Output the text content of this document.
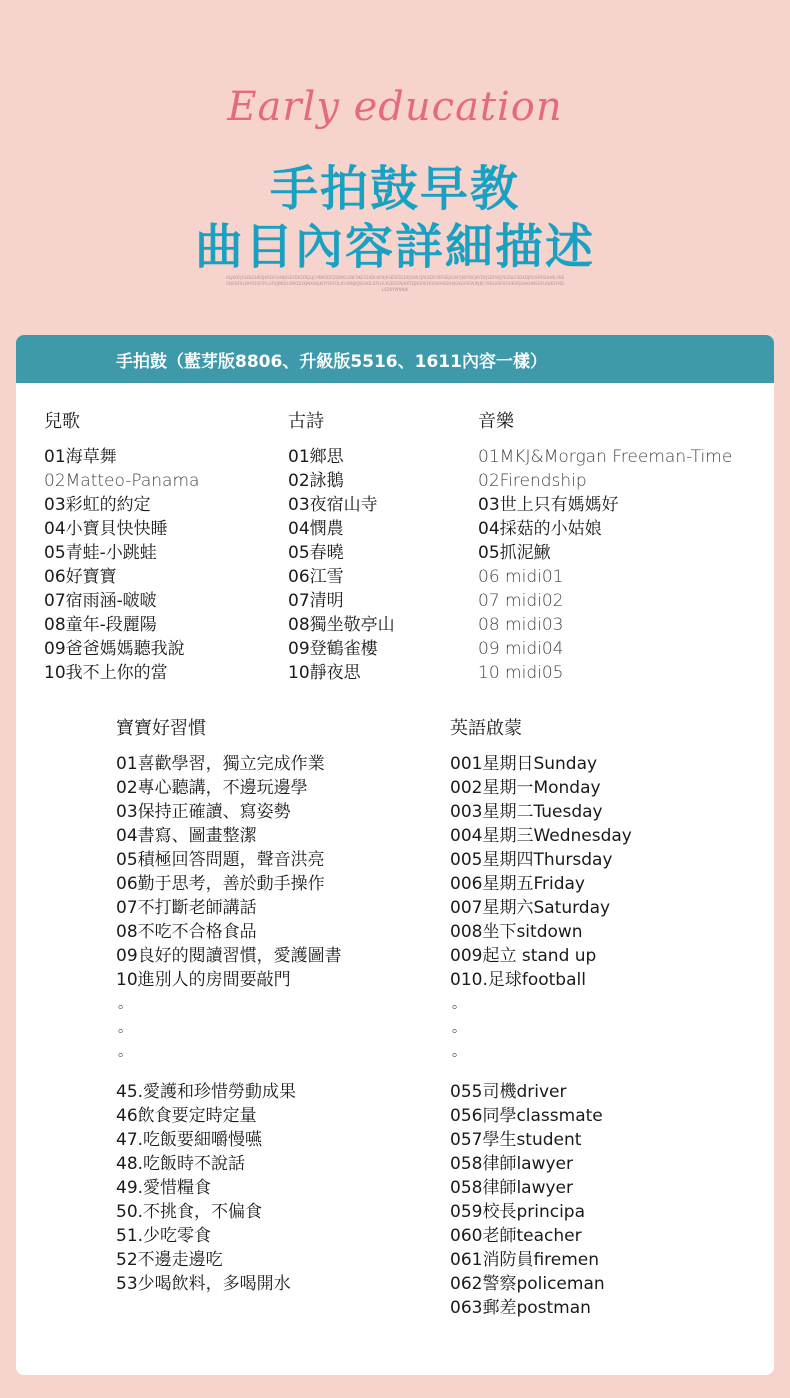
Early education
手拍鼓早教
曲目內容詳細描述
OLJKDFJGLDLEHRZJKRDFGHNKSDFBKSDEJLJCHNKSDFDSDIKLGNFDKEFSXDLKFNJKSERFDLDKJSWLTJRLKDFOEPSEJLGNTJKEYOEJKYDFJSDFKEJYEDSLFSDXDJRGSFKSDHNLFKBGNSDFKLNHYDXFRYLGFKJNKDLSNKDLIKJNXNSJKDYSRFDLKYSNNJKJSCHDLDFLGLKSEOGNJNRTEJNGRKFKSGKARDUXJGKLKYEWIKJRCYKBLKSFDGHKSFJGHKHNSDFLRKKSFNDLSDKYWNNJK
手拍鼓（藍芽版8806、升級版5516、1611內容一樣）
兒歌
01海草舞
02Matteo-Panama
03彩虹的約定
04小寶貝快快睡
05青蛙-小跳蛙
06好寶寶
07宿雨涵-啵啵
08童年-段麗陽
09爸爸媽媽聽我說
10我不上你的當
古詩
01鄉思
02詠鵝
03夜宿山寺
04憫農
05春曉
06江雪
07清明
08獨坐敬亭山
09登鶴雀樓
10靜夜思
音樂
01MKJ&Morgan Freeman-Time
02Firendship
03世上只有媽媽好
04採菇的小姑娘
05抓泥鰍
06 midi01
07 midi02
08 midi03
09 midi04
10 midi05
寶寶好習慣
01喜歡學習，獨立完成作業
02專心聽講，不邊玩邊學
03保持正確讀、寫姿勢
04書寫、圖畫整潔
05積極回答問題，聲音洪亮
06勤于思考，善於動手操作
07不打斷老師講話
08不吃不合格食品
09良好的閱讀習慣，愛護圖書
10進別人的房間要敲門
。
。
。
45.愛護和珍惜勞動成果
46飲食要定時定量
47.吃飯要細嚼慢嚥
48.吃飯時不說話
49.愛惜糧食
50.不挑食，不偏食
51.少吃零食
52不邊走邊吃
53少喝飲料，多喝開水
英語啟蒙
001星期日Sunday
002星期一Monday
003星期二Tuesday
004星期三Wednesday
005星期四Thursday
006星期五Friday
007星期六Saturday
008坐下sitdown
009起立 stand up
010.足球football
。
。
。
055司機driver
056同學classmate
057學生student
058律師lawyer
058律師lawyer
059校長principa
060老師teacher
061消防員firemen
062警察policeman
063郵差postman
